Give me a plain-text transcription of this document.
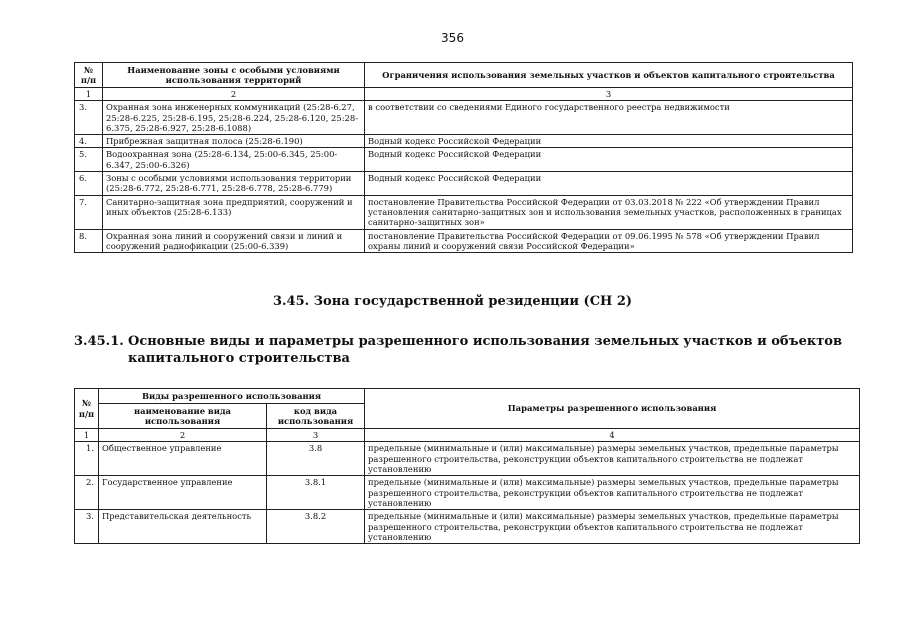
356
№ п/п	Наименование зоны с особыми условиями использования территорий	Ограничения использования земельных участков и объектов капитального строительства
1	2	3
3.	Охранная зона инженерных коммуникаций (25:28-6.27, 25:28-6.225, 25:28-6.195, 25:28-6.224, 25:28-6.120, 25:28-6.375, 25:28-6.927, 25:28-6.1088)	в соответствии со сведениями Единого государственного реестра недвижимости
4.	Прибрежная защитная полоса (25:28-6.190)	Водный кодекс Российской Федерации
5.	Водоохранная зона (25:28-6.134, 25:00-6.345, 25:00-6.347, 25:00-6.326)	Водный кодекс Российской Федерации
6.	Зоны с особыми условиями использования территории (25:28-6.772, 25:28-6.771, 25:28-6.778, 25:28-6.779)	Водный кодекс Российской Федерации
7.	Санитарно-защитная зона предприятий, сооружений и иных объектов (25:28-6.133)	постановление Правительства Российской Федерации от 03.03.2018 № 222 «Об утверждении Правил установления санитарно-защитных зон и использования земельных участков, расположенных в границах санитарно-защитных зон»
8.	Охранная зона линий и сооружений связи и линий и сооружений радиофикации (25:00-6.339)	постановление Правительства Российской Федерации от 09.06.1995 № 578 «Об утверждении Правил охраны линий и сооружений связи Российской Федерации»
3.45. Зона государственной резиденции (СН 2)
3.45.1. Основные виды и параметры разрешенного использования земельных участков и объектов капитального строительства
№ п/п	Виды разрешенного использования		Параметры разрешенного использования
	наименование вида использования	код вида использования	
1	2	3	4
1.	Общественное управление	3.8	предельные (минимальные и (или) максимальные) размеры земельных участков, предельные параметры разрешенного строительства, реконструкции объектов капитального строительства не подлежат установлению
2.	Государственное управление	3.8.1	предельные (минимальные и (или) максимальные) размеры земельных участков, предельные параметры разрешенного строительства, реконструкции объектов капитального строительства не подлежат установлению
3.	Представительская деятельность	3.8.2	предельные (минимальные и (или) максимальные) размеры земельных участков, предельные параметры разрешенного строительства, реконструкции объектов капитального строительства не подлежат установлению
